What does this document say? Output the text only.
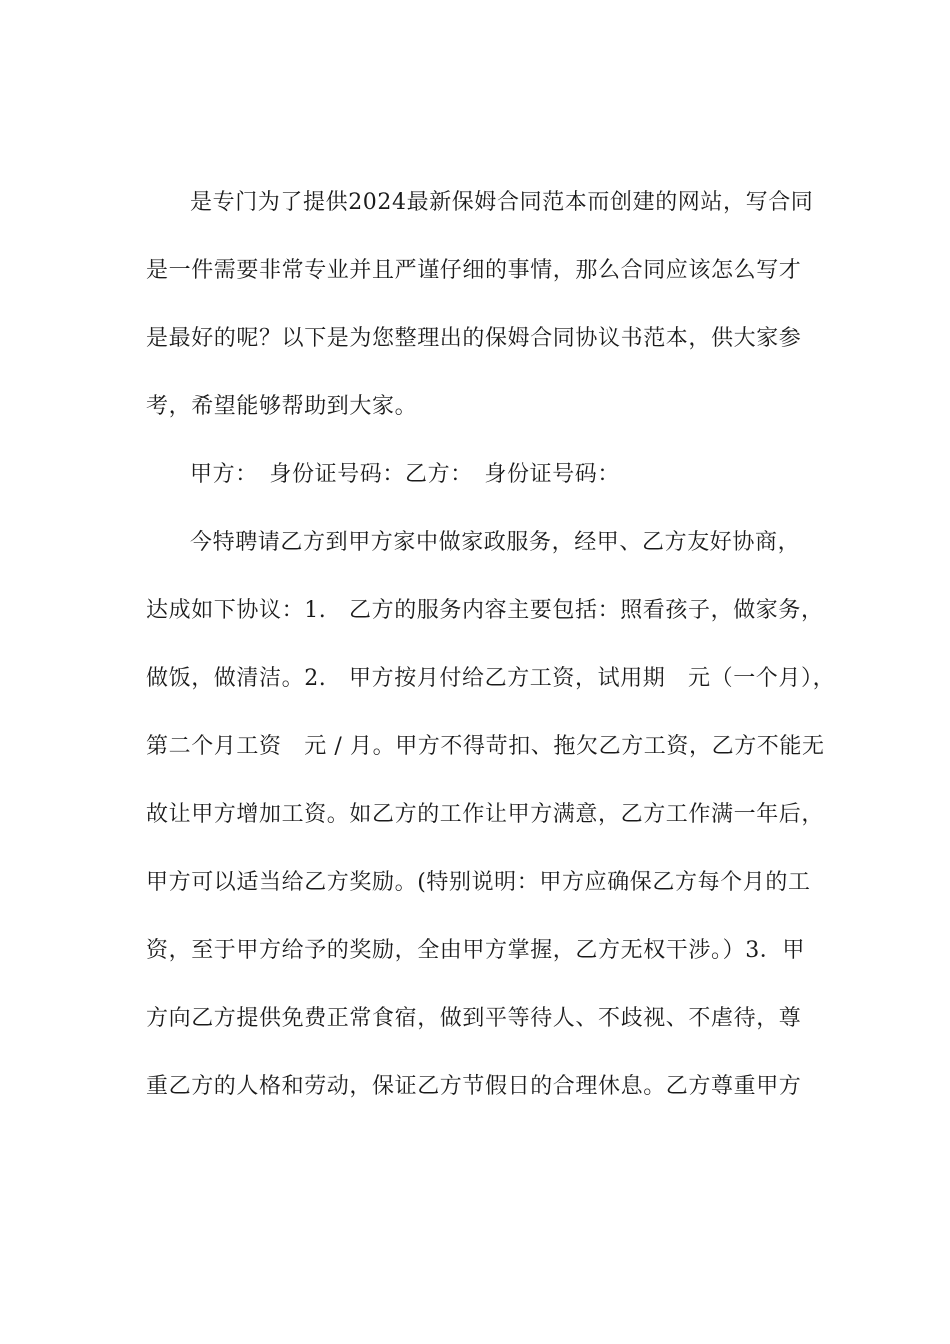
是专门为了提供2024最新保姆合同范本而创建的网站，写合同
是一件需要非常专业并且严谨仔细的事情，那么合同应该怎么写才
是最好的呢？以下是为您整理出的保姆合同协议书范本，供大家参
考，希望能够帮助到大家。
甲方：　身份证号码：乙方：　身份证号码：
今特聘请乙方到甲方家中做家政服务，经甲、乙方友好协商，
达成如下协议：1.　乙方的服务内容主要包括：照看孩子，做家务，
做饭，做清洁。2.　甲方按月付给乙方工资，试用期　元（一个月），
第二个月工资　元 / 月。甲方不得苛扣、拖欠乙方工资，乙方不能无
故让甲方增加工资。如乙方的工作让甲方满意，乙方工作满一年后，
甲方可以适当给乙方奖励。(特别说明：甲方应确保乙方每个月的工
资，至于甲方给予的奖励，全由甲方掌握，乙方无权干涉。）3．甲
方向乙方提供免费正常食宿，做到平等待人、不歧视、不虐待，尊
重乙方的人格和劳动，保证乙方节假日的合理休息。乙方尊重甲方
